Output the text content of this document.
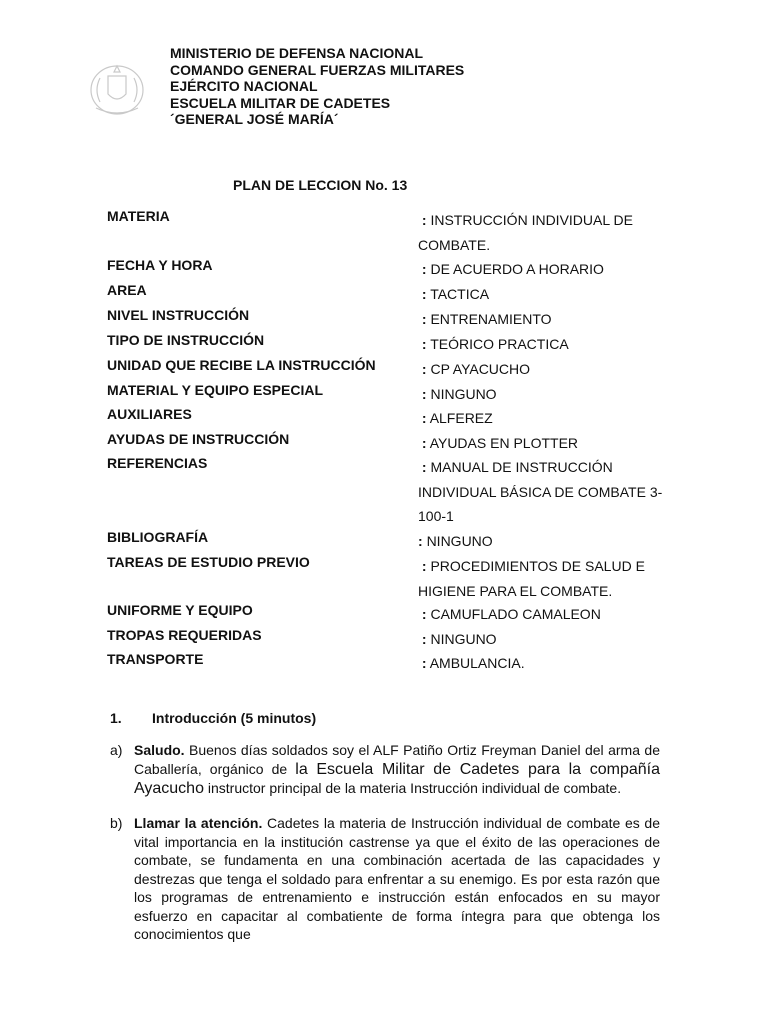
MINISTERIO DE DEFENSA NACIONAL
COMANDO GENERAL FUERZAS MILITARES
EJÉRCITO NACIONAL
ESCUELA MILITAR DE CADETES
´GENERAL JOSÉ MARÍA´
PLAN DE LECCION No. 13
MATERIA	: INSTRUCCIÓN INDIVIDUAL DE COMBATE.
FECHA Y HORA	: DE ACUERDO A HORARIO
AREA	: TACTICA
NIVEL INSTRUCCIÓN	: ENTRENAMIENTO
TIPO DE INSTRUCCIÓN	: TEÓRICO PRACTICA
UNIDAD QUE RECIBE LA INSTRUCCIÓN	: CP AYACUCHO
MATERIAL Y EQUIPO ESPECIAL	: NINGUNO
AUXILIARES	: ALFEREZ
AYUDAS DE INSTRUCCIÓN	: AYUDAS EN PLOTTER
REFERENCIAS	: MANUAL DE INSTRUCCIÓN INDIVIDUAL BÁSICA DE COMBATE 3-100-1
BIBLIOGRAFÍA	: NINGUNO
TAREAS DE ESTUDIO PREVIO	: PROCEDIMIENTOS DE SALUD E HIGIENE PARA EL COMBATE.
UNIFORME Y EQUIPO	: CAMUFLADO CAMALEON
TROPAS REQUERIDAS	: NINGUNO
TRANSPORTE	: AMBULANCIA.
1. Introducción (5 minutos)
a) Saludo. Buenos días soldados soy el ALF Patiño Ortiz Freyman Daniel del arma de Caballería, orgánico de la Escuela Militar de Cadetes para la compañía Ayacucho instructor principal de la materia Instrucción individual de combate.
b) Llamar la atención. Cadetes la materia de Instrucción individual de combate es de vital importancia en la institución castrense ya que el éxito de las operaciones de combate, se fundamenta en una combinación acertada de las capacidades y destrezas que tenga el soldado para enfrentar a su enemigo. Es por esta razón que los programas de entrenamiento e instrucción están enfocados en su mayor esfuerzo en capacitar al combatiente de forma íntegra para que obtenga los conocimientos que
